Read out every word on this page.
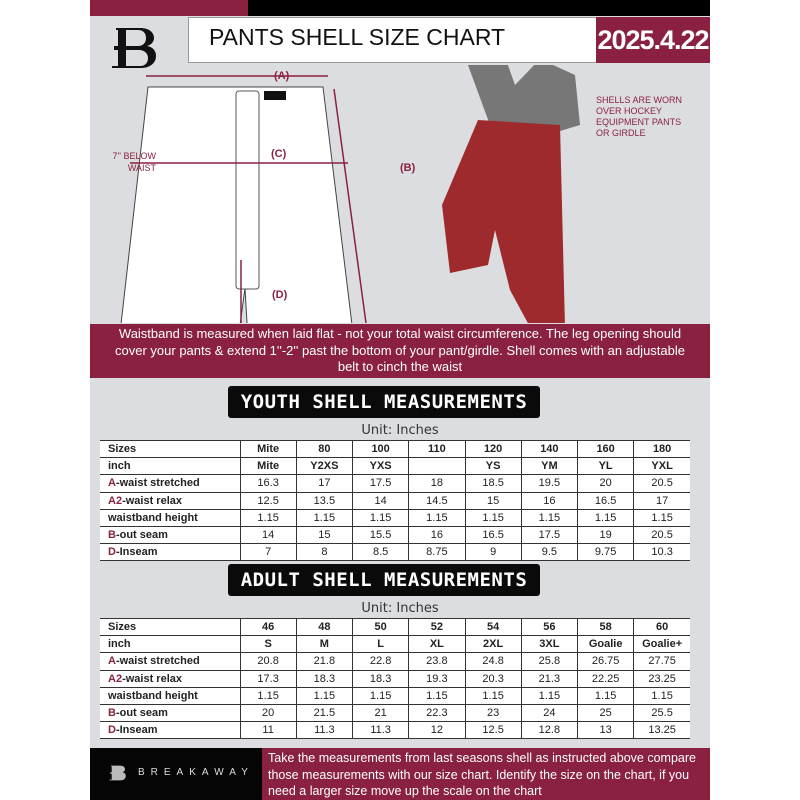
PANTS SHELL SIZE CHART	2025.4.22
(A)
(C)
(B)
(D)
7'' BELOW WAIST
SHELLS ARE WORN OVER HOCKEY EQUIPMENT PANTS OR GIRDLE
Waistband is measured when laid flat - not your total waist circumference. The leg opening should cover your pants & extend 1''-2'' past the bottom of your pant/girdle. Shell comes with an adjustable belt to cinch the waist
YOUTH SHELL MEASUREMENTS
Unit: Inches
Sizes	Mite	80	100	110	120	140	160	180
inch	Mite	Y2XS	YXS		YS	YM	YL	YXL
A-waist stretched	16.3	17	17.5	18	18.5	19.5	20	20.5
A2-waist relax	12.5	13.5	14	14.5	15	16	16.5	17
waistband height	1.15	1.15	1.15	1.15	1.15	1.15	1.15	1.15
B-out seam	14	15	15.5	16	16.5	17.5	19	20.5
D-Inseam	7	8	8.5	8.75	9	9.5	9.75	10.3
ADULT SHELL MEASUREMENTS
Unit: Inches
Sizes	46	48	50	52	54	56	58	60
inch	S	M	L	XL	2XL	3XL	Goalie	Goalie+
A-waist stretched	20.8	21.8	22.8	23.8	24.8	25.8	26.75	27.75
A2-waist relax	17.3	18.3	18.3	19.3	20.3	21.3	22.25	23.25
waistband height	1.15	1.15	1.15	1.15	1.15	1.15	1.15	1.15
B-out seam	20	21.5	21	22.3	23	24	25	25.5
D-Inseam	11	11.3	11.3	12	12.5	12.8	13	13.25
BREAKAWAY
Take the measurements from last seasons shell as instructed above compare those measurements with our size chart. Identify the size on the chart, if you need a larger size move up the scale on the chart
